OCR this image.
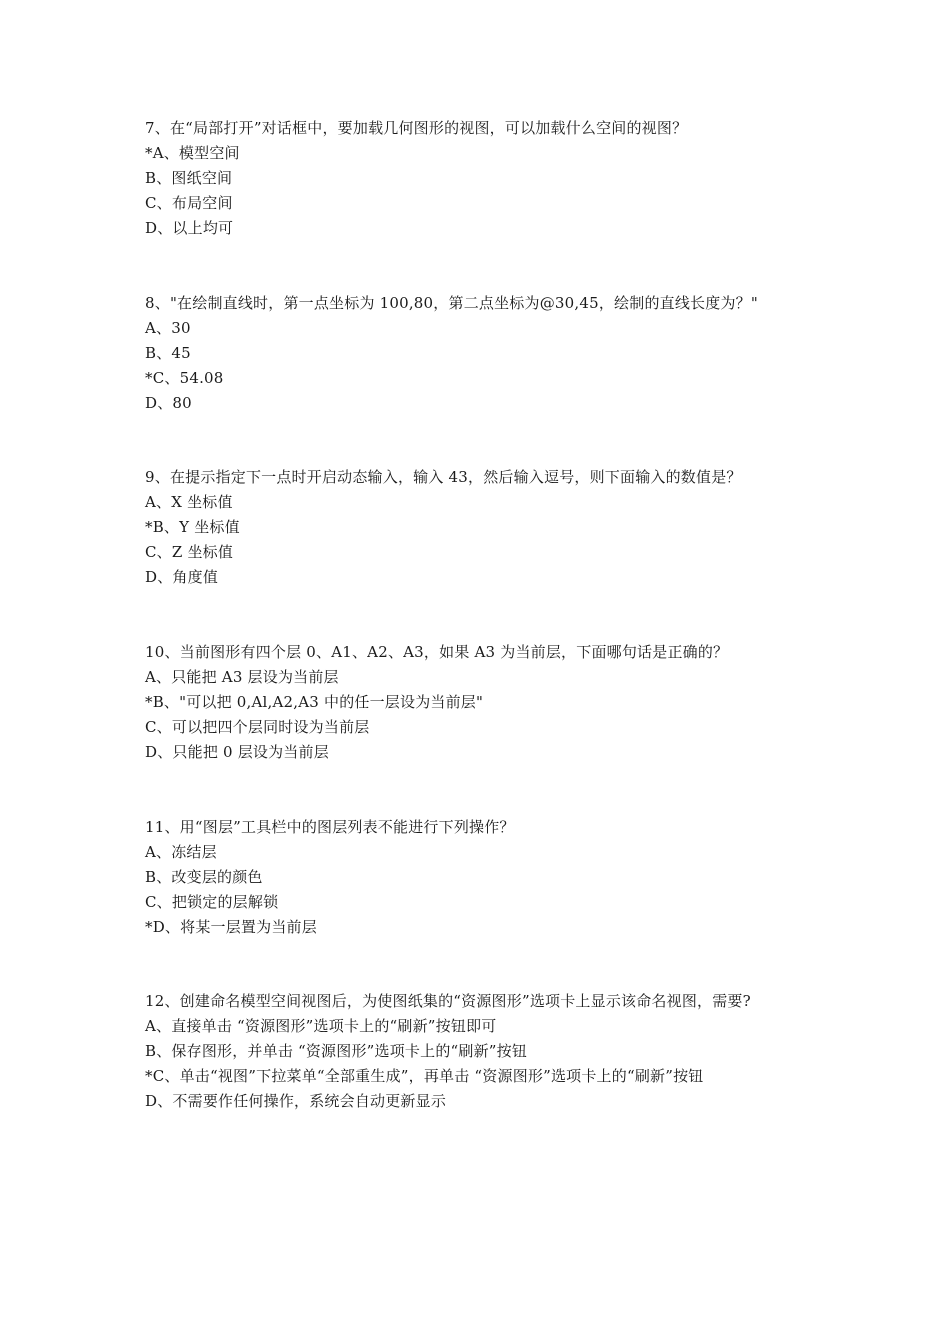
7、在“局部打开”对话框中，要加载几何图形的视图，可以加载什么空间的视图？
*A、模型空间
B、图纸空间
C、布局空间
D、以上均可
8、"在绘制直线时，第一点坐标为 100,80，第二点坐标为@30,45，绘制的直线长度为？"
A、30
B、45
*C、54.08
D、80
9、在提示指定下一点时开启动态输入，输入 43，然后输入逗号，则下面输入的数值是？
A、X 坐标值
*B、Y 坐标值
C、Z 坐标值
D、角度值
10、当前图形有四个层 0、A1、A2、A3，如果 A3 为当前层，下面哪句话是正确的？
A、只能把 A3 层设为当前层
*B、"可以把 0,Al,A2,A3 中的任一层设为当前层"
C、可以把四个层同时设为当前层
D、只能把 0 层设为当前层
11、用“图层”工具栏中的图层列表不能进行下列操作？
A、冻结层
B、改变层的颜色
C、把锁定的层解锁
*D、将某一层置为当前层
12、创建命名模型空间视图后，为使图纸集的“资源图形”选项卡上显示该命名视图，需要?
A、直接单击 “资源图形”选项卡上的“刷新”按钮即可
B、保存图形，并单击 “资源图形”选项卡上的“刷新”按钮
*C、单击“视图”下拉菜单“全部重生成”，再单击 “资源图形”选项卡上的“刷新”按钮
D、不需要作任何操作，系统会自动更新显示
